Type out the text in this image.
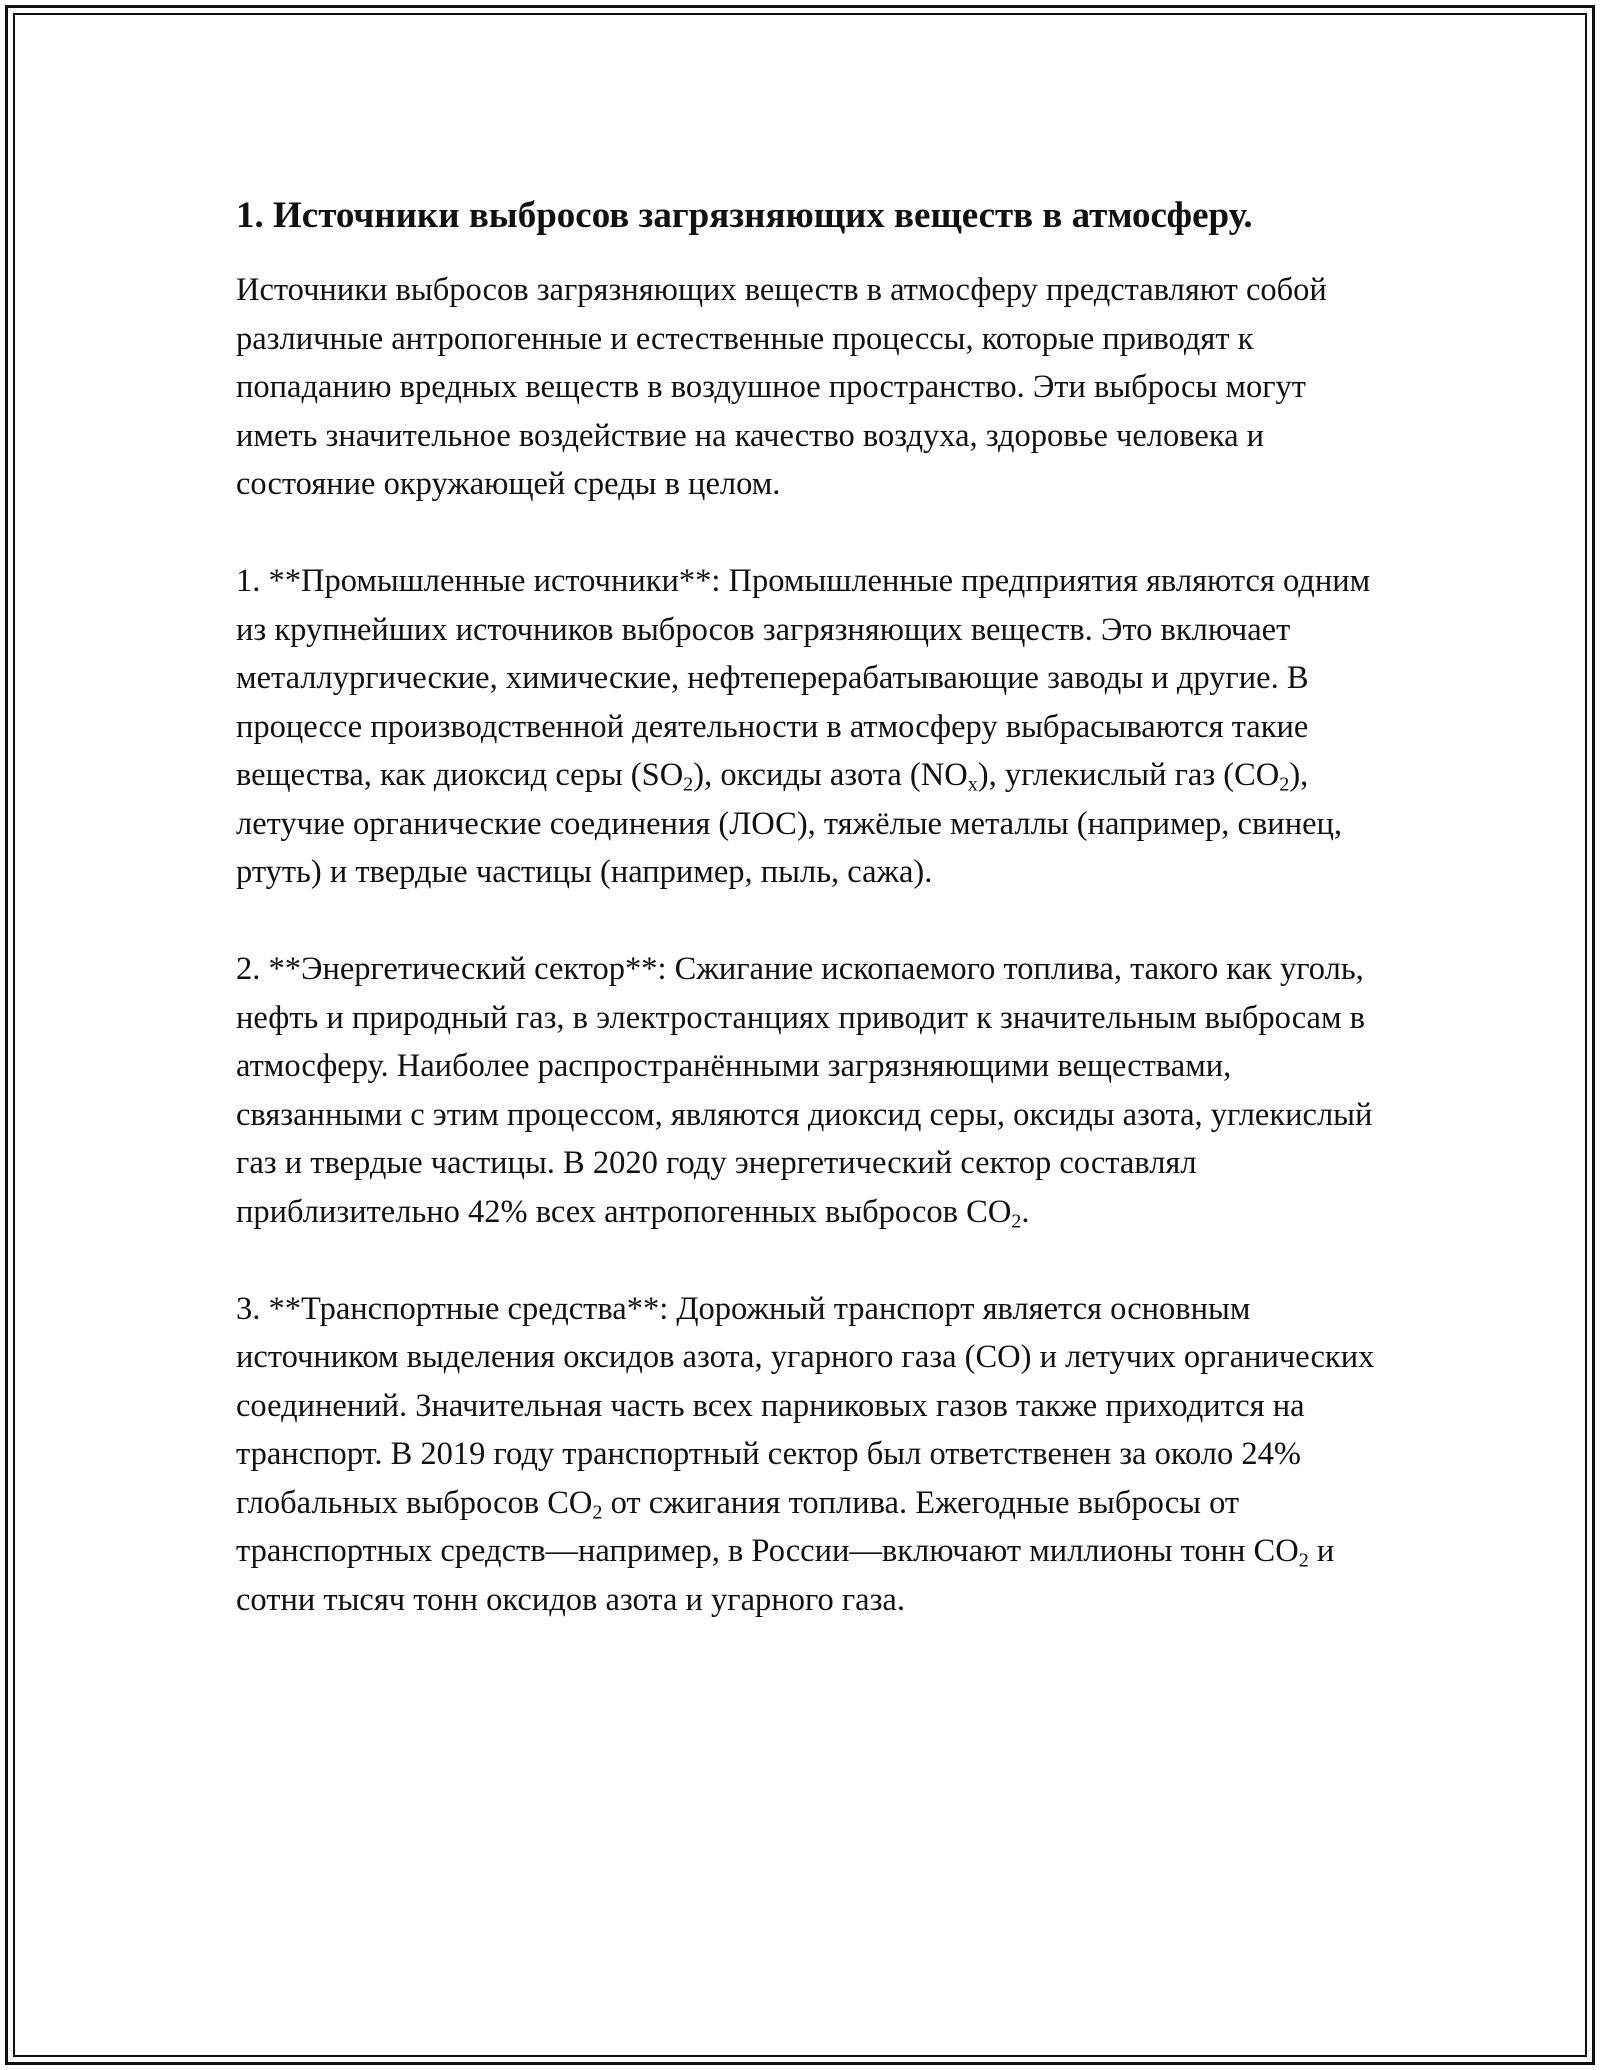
1. Источники выбросов загрязняющих веществ в атмосферу.

Источники выбросов загрязняющих веществ в атмосферу представляют собой различные антропогенные и естественные процессы, которые приводят к попаданию вредных веществ в воздушное пространство. Эти выбросы могут иметь значительное воздействие на качество воздуха, здоровье человека и состояние окружающей среды в целом.

1. **Промышленные источники**: Промышленные предприятия являются одним из крупнейших источников выбросов загрязняющих веществ. Это включает металлургические, химические, нефтеперерабатывающие заводы и другие. В процессе производственной деятельности в атмосферу выбрасываются такие вещества, как диоксид серы $(SO_2)$, оксиды азота $(NO_x)$, углекислый газ $(CO_2)$, летучие органические соединения (ЛОС), тяжёлые металлы (например, свинец, ртуть) и твердые частицы (например, пыль, сажа).

2. **Энергетический сектор**: Сжигание ископаемого топлива, такого как уголь, нефть и природный газ, в электростанциях приводит к значительным выбросам в атмосферу. Наиболее распространёнными загрязняющими веществами, связанными с этим процессом, являются диоксид серы, оксиды азота, углекислый газ и твердые частицы. В 2020 году энергетический сектор составлял приблизительно 42% всех антропогенных выбросов $CO_2$.

3. **Транспортные средства**: Дорожный транспорт является основным источником выделения оксидов азота, угарного газа (CO) и летучих органических соединений. Значительная часть всех парниковых газов также приходится на транспорт. В 2019 году транспортный сектор был ответственен за около 24% глобальных выбросов $CO_2$ от сжигания топлива. Ежегодные выбросы от транспортных средств—например, в России—включают миллионы тонн $CO_2$ и сотни тысяч тонн оксидов азота и угарного газа.
